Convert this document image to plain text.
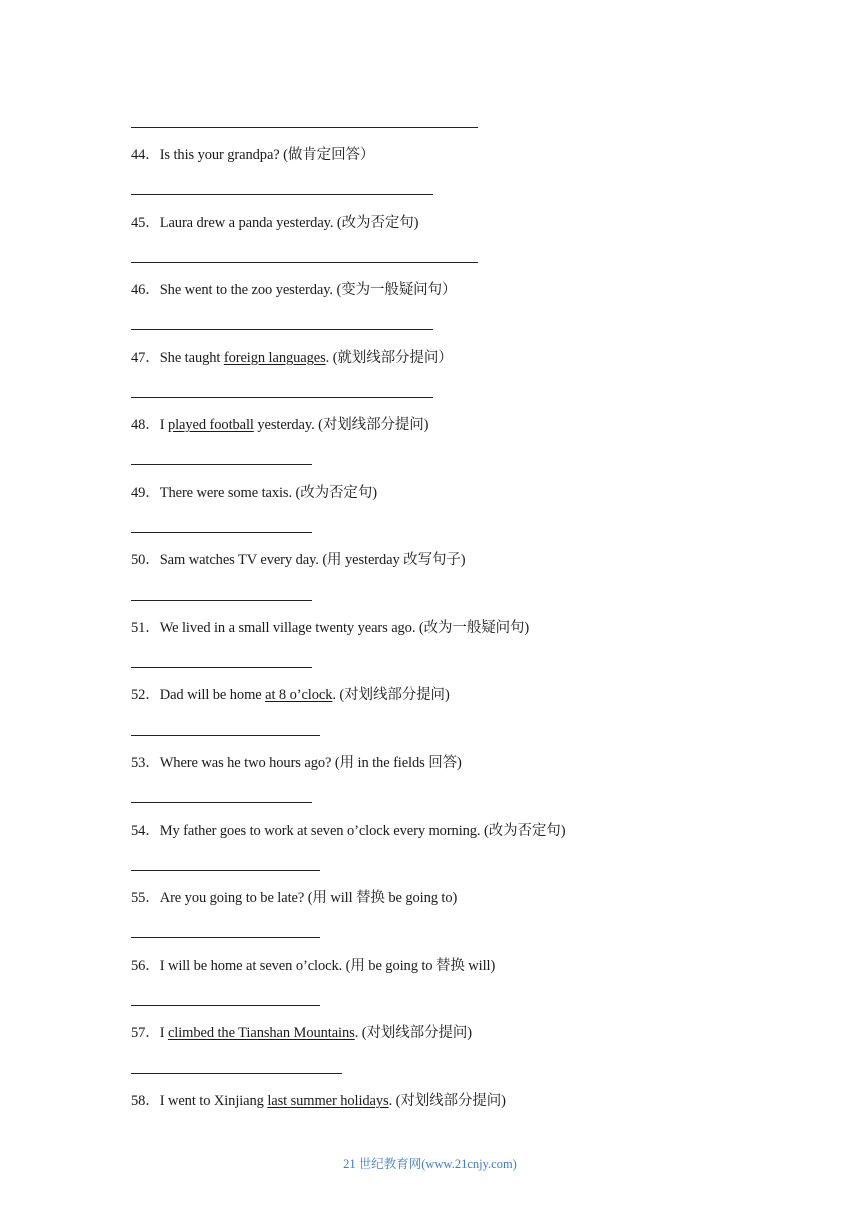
44．Is this your grandpa? (做肯定回答）
45．Laura drew a panda yesterday. (改为否定句)
46．She went to the zoo yesterday. (变为一般疑问句）
47．She taught foreign languages. (就划线部分提问）
48．I played football yesterday. (对划线部分提问)
49．There were some taxis. (改为否定句)
50．Sam watches TV every day. (用 yesterday 改写句子)
51．We lived in a small village twenty years ago. (改为一般疑问句)
52．Dad will be home at 8 o’clock. (对划线部分提问)
53．Where was he two hours ago? (用 in the fields 回答)
54．My father goes to work at seven o’clock every morning. (改为否定句)
55．Are you going to be late? (用 will 替换 be going to)
56．I will be home at seven o’clock. (用 be going to 替换 will)
57．I climbed the Tianshan Mountains. (对划线部分提问)
58．I went to Xinjiang last summer holidays. (对划线部分提问)
21 世纪教育网(www.21cnjy.com)
